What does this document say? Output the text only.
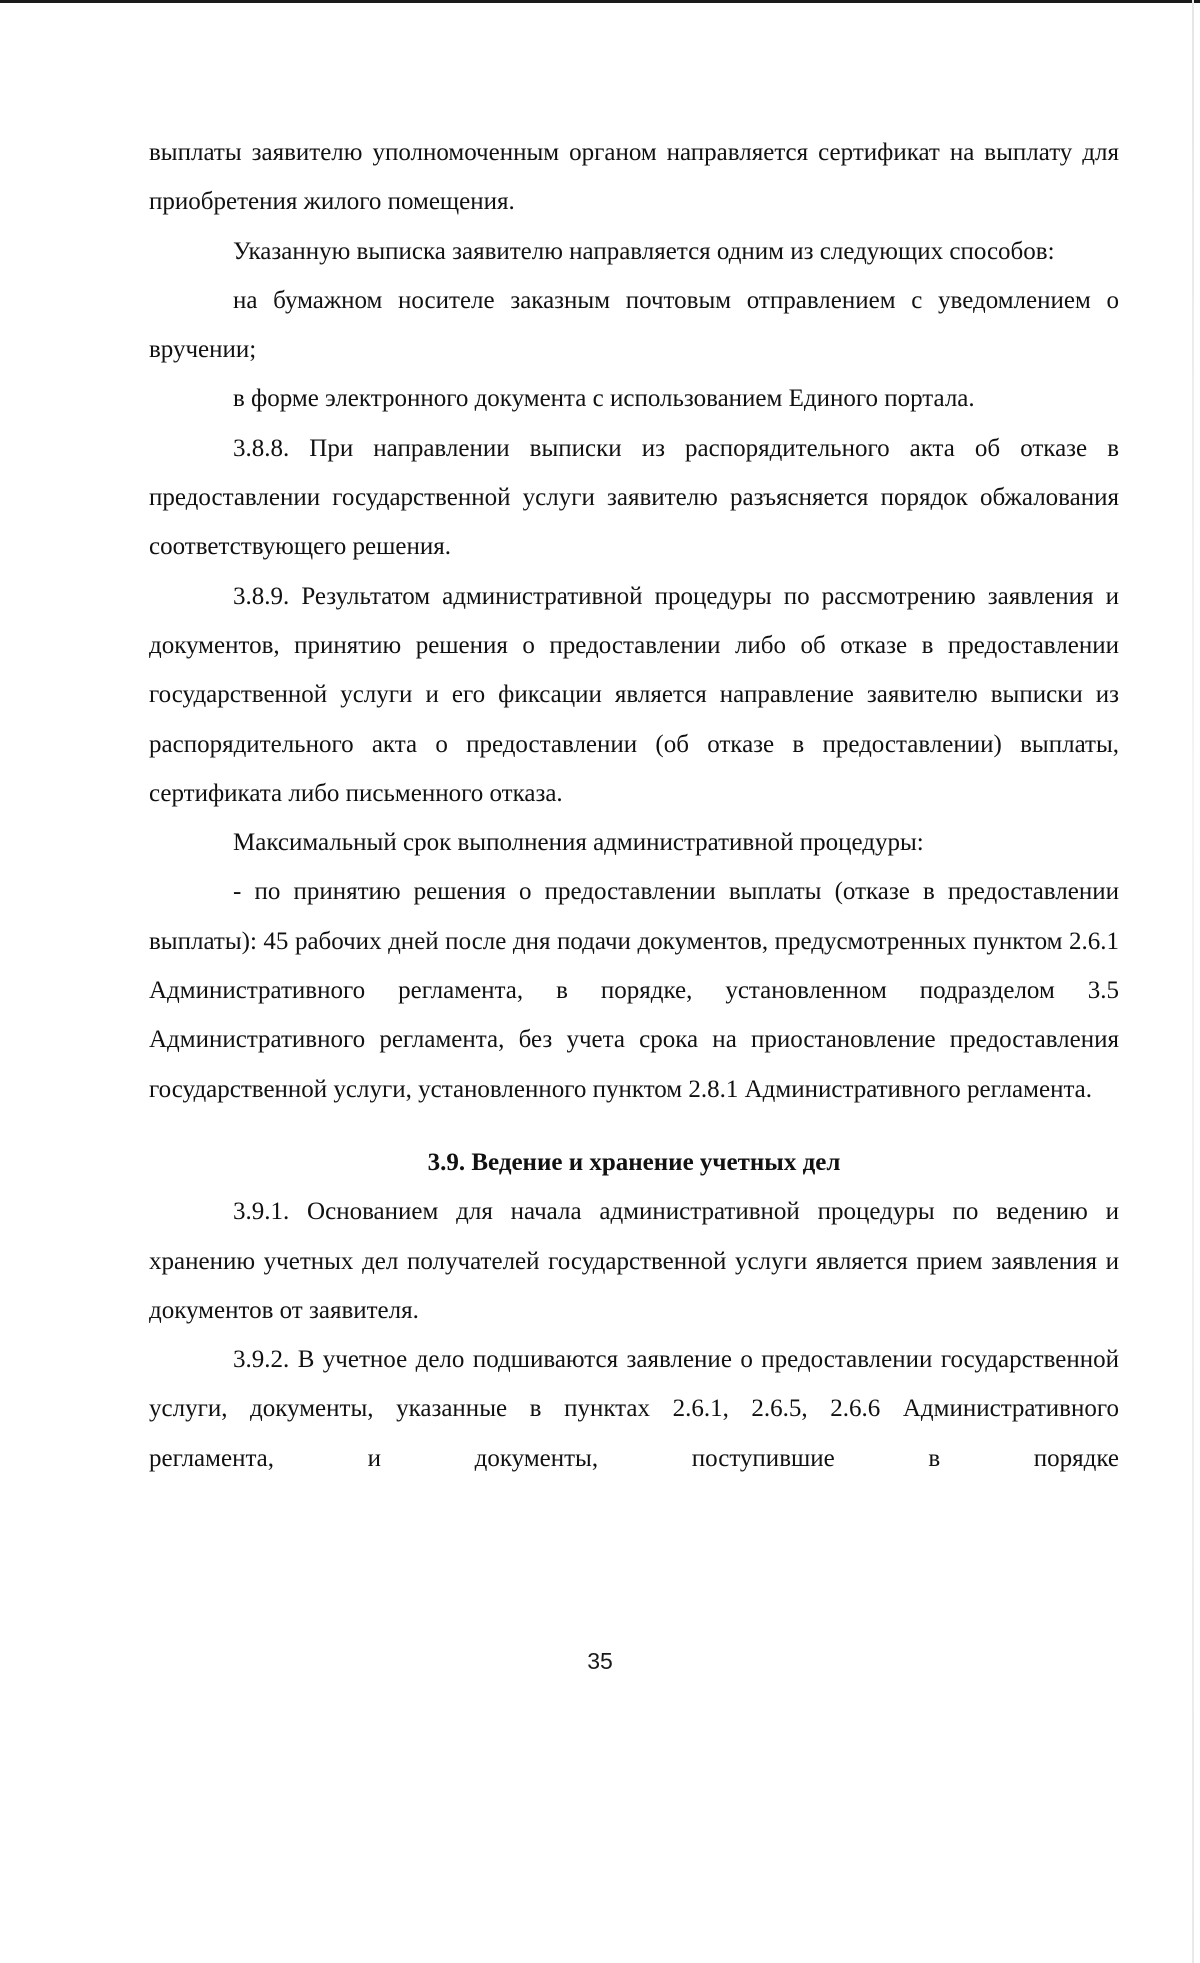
выплаты заявителю уполномоченным органом направляется сертификат на выплату для приобретения жилого помещения.

Указанную выписка заявителю направляется одним из следующих способов:

на бумажном носителе заказным почтовым отправлением с уведомлением о вручении;

в форме электронного документа с использованием Единого портала.

3.8.8. При направлении выписки из распорядительного акта об отказе в предоставлении государственной услуги заявителю разъясняется порядок обжалования соответствующего решения.

3.8.9. Результатом административной процедуры по рассмотрению заявления и документов, принятию решения о предоставлении либо об отказе в предоставлении государственной услуги и его фиксации является направление заявителю выписки из распорядительного акта о предоставлении (об отказе в предоставлении) выплаты, сертификата либо письменного отказа.

Максимальный срок выполнения административной процедуры:

- по принятию решения о предоставлении выплаты (отказе в предоставлении выплаты): 45 рабочих дней после дня подачи документов, предусмотренных пунктом 2.6.1 Административного регламента, в порядке, установленном подразделом 3.5 Административного регламента, без учета срока на приостановление предоставления государственной услуги, установленного пунктом 2.8.1 Административного регламента.

3.9. Ведение и хранение учетных дел

3.9.1. Основанием для начала административной процедуры по ведению и хранению учетных дел получателей государственной услуги является прием заявления и документов от заявителя.

3.9.2. В учетное дело подшиваются заявление о предоставлении государственной услуги, документы, указанные в пунктах 2.6.1, 2.6.5, 2.6.6 Административного регламента, и документы, поступившие в порядке

35
